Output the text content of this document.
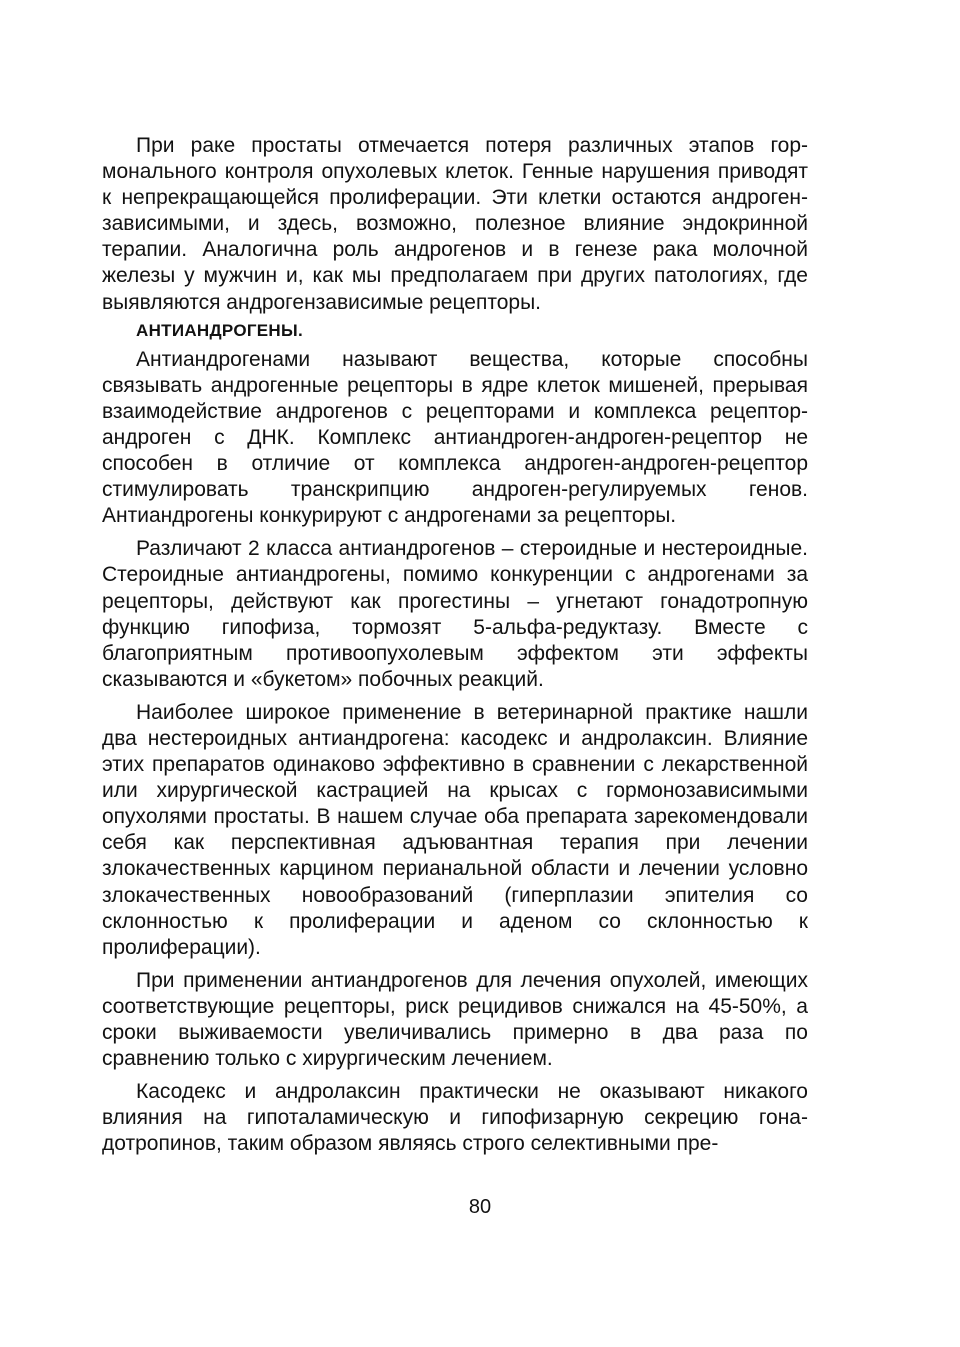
При раке простаты отмечается потеря различных этапов гормонального контроля опухолевых клеток. Генные нарушения приводят к непрекращающейся пролиферации. Эти клетки остаются андроген-зависимыми, и здесь, возможно, полезное влияние эндокринной терапии. Аналогична роль андрогенов и в генезе рака молочной железы у мужчин и, как мы предполагаем при других патологиях, где выявляются андрогензависимые рецепторы.

АНТИАНДРОГЕНЫ.

Антиандрогенами называют вещества, которые способны связывать андрогенные рецепторы в ядре клеток мишеней, прерывая взаимодействие андрогенов с рецепторами и комплекса рецептор-андроген с ДНК. Комплекс антиандроген-андроген-рецептор не способен в отличие от комплекса андроген-андроген-рецептор стимулировать транскрипцию андроген-регулируемых генов. Антиандрогены конкурируют с андрогенами за рецепторы.

Различают 2 класса антиандрогенов – стероидные и нестероидные. Стероидные антиандрогены, помимо конкуренции с андрогенами за рецепторы, действуют как прогестины – угнетают гонадотропную функцию гипофиза, тормозят 5-альфа-редуктазу. Вместе с благоприятным противоопухолевым эффектом эти эффекты сказываются и «букетом» побочных реакций.

Наиболее широкое применение в ветеринарной практике нашли два нестероидных антиандрогена: касодекс и андролаксин. Влияние этих препаратов одинаково эффективно в сравнении с лекарственной или хирургической кастрацией на крысах с гормонозависимыми опухолями простаты. В нашем случае оба препарата зарекомендовали себя как перспективная адъювантная терапия при лечении злокачественных карцином перианальной области и лечении условно злокачественных новообразований (гиперплазии эпителия со склонностью к пролиферации и аденом со склонностью к пролиферации).

При применении антиандрогенов для лечения опухолей, имеющих соответствующие рецепторы, риск рецидивов снижался на 45-50%, а сроки выживаемости увеличивались примерно в два раза по сравнению только с хирургическим лечением.

Касодекс и андролаксин практически не оказывают никакого влияния на гипоталамическую и гипофизарную секрецию гонадотропинов, таким образом являясь строго селективными пре-

80
